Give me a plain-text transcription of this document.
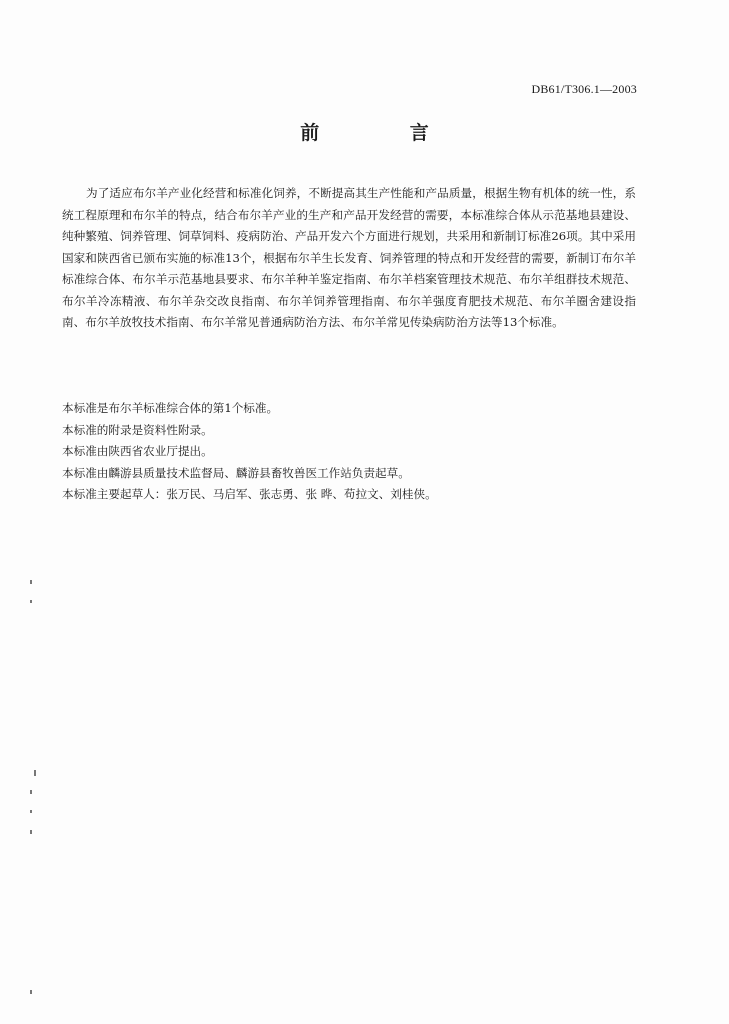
DB61/T306.1—2003
前 言

为了适应布尔羊产业化经营和标准化饲养，不断提高其生产性能和产品质量，根据生物有机体的统一性，系统工程原理和布尔羊的特点，结合布尔羊产业的生产和产品开发经营的需要，本标准综合体从示范基地县建设、纯种繁殖、饲养管理、饲草饲料、疫病防治、产品开发六个方面进行规划，共采用和新制订标准26项。其中采用国家和陕西省已颁布实施的标准13个，根据布尔羊生长发育、饲养管理的特点和开发经营的需要，新制订布尔羊标准综合体、布尔羊示范基地县要求、布尔羊种羊鉴定指南、布尔羊档案管理技术规范、布尔羊组群技术规范、布尔羊冷冻精液、布尔羊杂交改良指南、布尔羊饲养管理指南、布尔羊强度育肥技术规范、布尔羊圈舍建设指南、布尔羊放牧技术指南、布尔羊常见普通病防治方法、布尔羊常见传染病防治方法等13个标准。

本标准是布尔羊标准综合体的第1个标准。
本标准的附录是资料性附录。
本标准由陕西省农业厅提出。
本标准由麟游县质量技术监督局、麟游县畜牧兽医工作站负责起草。
本标准主要起草人：张万民、马启军、张志勇、张 晔、苟拉文、刘桂侠。
